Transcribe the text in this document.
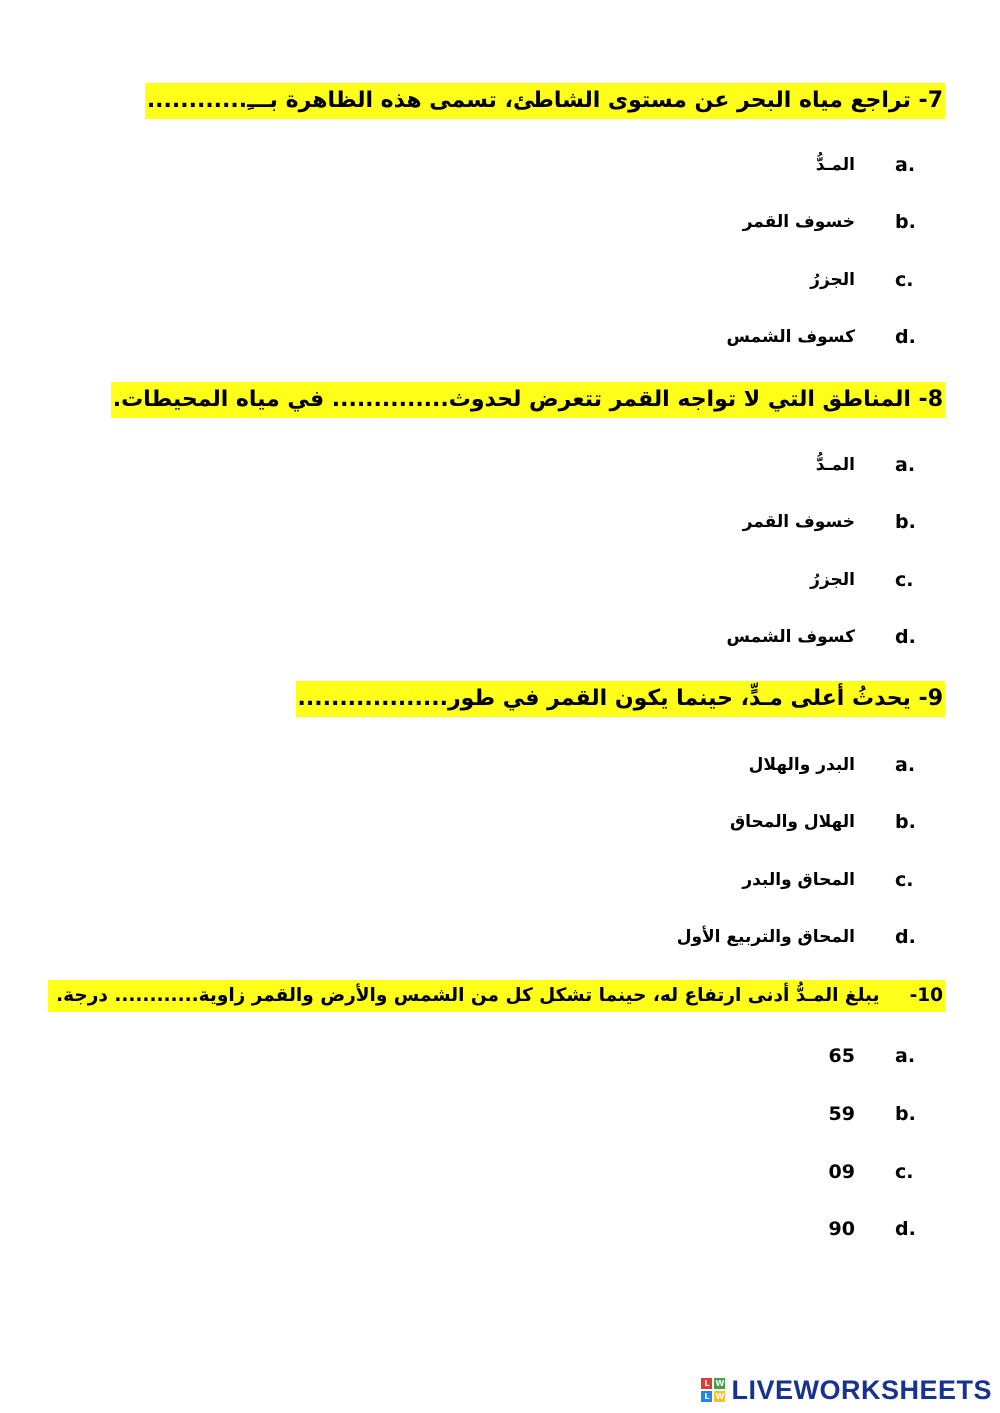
7- تراجع مياه البحر عن مستوى الشاطئ، تسمى هذه الظاهرة بـــِ............
a.
المـدُّ
b.
خسوف القمر
c.
الجزرُ
d.
كسوف الشمس
8- المناطق التي لا تواجه القمر تتعرض لحدوث.............. في مياه المحيطات.
a.
المـدُّ
b.
خسوف القمر
c.
الجزرُ
d.
كسوف الشمس
9- يحدثُ أعلى مـدٍّ، حينما يكون القمر في طور..................
a.
البدر والهلال
b.
الهلال والمحاق
c.
المحاق والبدر
d.
المحاق والتربيع الأول
10-
يبلغ المـدُّ أدنى ارتفاع له، حينما تشكل كل من الشمس والأرض والقمر زاوية............ درجة.
a.
65
b.
59
c.
09
d.
90
L W
L W LIVEWORKSHEETS
